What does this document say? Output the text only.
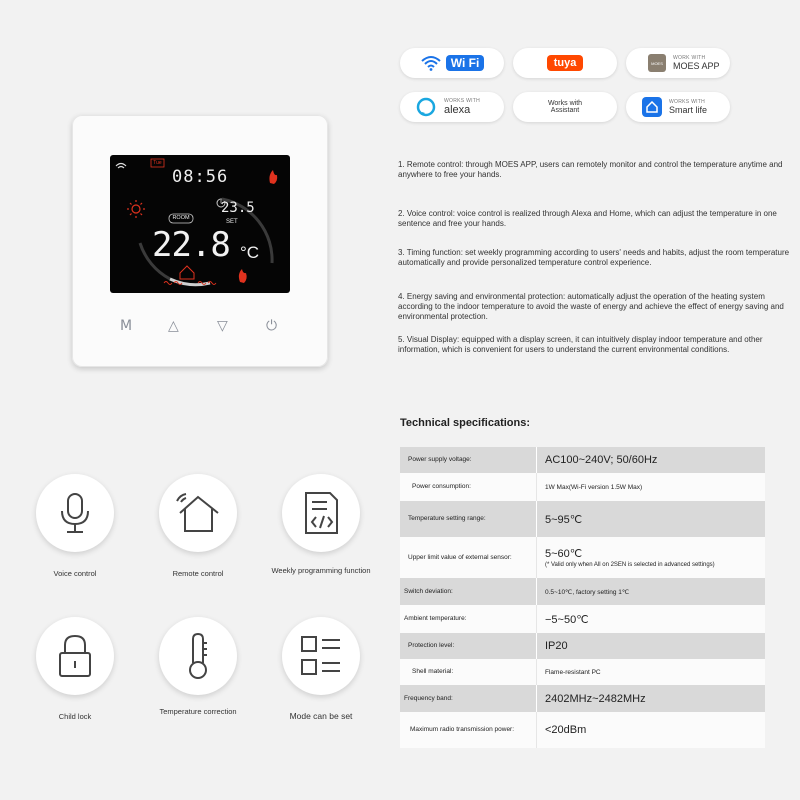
Wi Fi	tuya	MOES
WORK WITH
MOES APP
WORKS WITH
alexa
Works with
Assistant
WORKS WITH
Smart life
Tue
08:56
23.5
SET
ROOM
22.8 °C
M	△	▽	⏻
1. Remote control: through MOES APP, users can remotely monitor and control the temperature anytime and anywhere to free your hands.
2. Voice control: voice control is realized through Alexa and Home, which can adjust the temperature in one sentence and free your hands.
3. Timing function: set weekly programming according to users' needs and habits, adjust the room temperature automatically and provide personalized temperature control experience.
4. Energy saving and environmental protection: automatically adjust the operation of the heating system according to the indoor temperature to avoid the waste of energy and achieve the effect of energy saving and environmental protection.
5. Visual Display: equipped with a display screen, it can intuitively display indoor temperature and other information, which is convenient for users to understand the current environmental conditions.
Voice control	Remote control	Weekly programming function
Child lock
Temperature correction	Mode can be set
Technical specifications:
Power supply voltage:	AC100~240V; 50/60Hz
Power consumption:	1W Max(Wi-Fi version 1.5W Max)
Temperature setting range:	5~95℃
Upper limit value of external sensor:	5~60℃
(* Valid only when All on 2SEN is selected in advanced settings)
Switch deviation:	0.5~10℃, factory setting 1℃
Ambient temperature:	−5~50℃
Protection level:	IP20
Shell material:	Flame-resistant PC
Frequency band:	2402MHz~2482MHz
Maximum radio transmission power:	<20dBm
